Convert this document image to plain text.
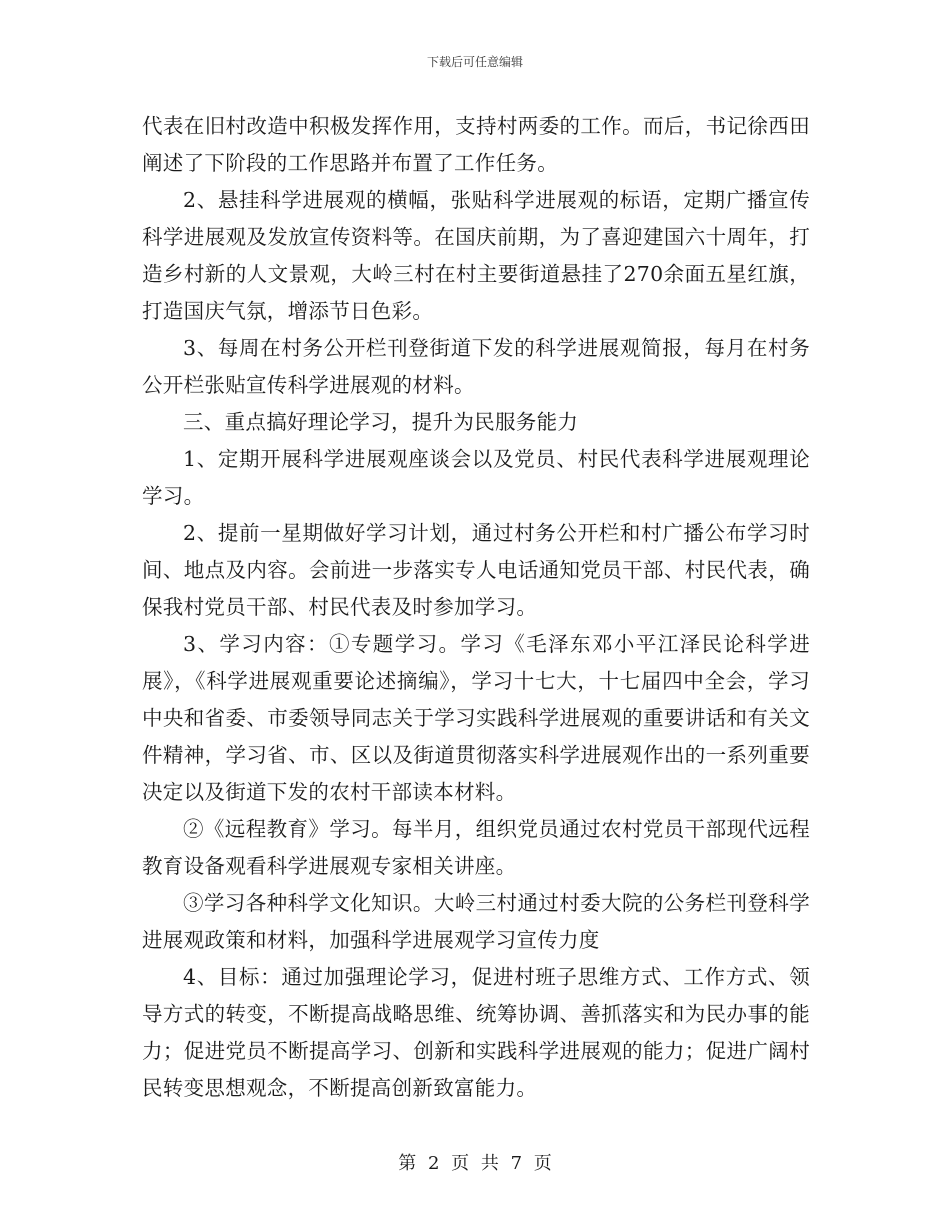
下载后可任意编辑

代表在旧村改造中积极发挥作用，支持村两委的工作。而后，书记徐西田阐述了下阶段的工作思路并布置了工作任务。

2、悬挂科学进展观的横幅，张贴科学进展观的标语，定期广播宣传科学进展观及发放宣传资料等。在国庆前期，为了喜迎建国六十周年，打造乡村新的人文景观，大岭三村在村主要街道悬挂了270余面五星红旗，打造国庆气氛，增添节日色彩。

3、每周在村务公开栏刊登街道下发的科学进展观简报，每月在村务公开栏张贴宣传科学进展观的材料。

三、重点搞好理论学习，提升为民服务能力

1、定期开展科学进展观座谈会以及党员、村民代表科学进展观理论学习。

2、提前一星期做好学习计划，通过村务公开栏和村广播公布学习时间、地点及内容。会前进一步落实专人电话通知党员干部、村民代表，确保我村党员干部、村民代表及时参加学习。

3、学习内容：①专题学习。学习《毛泽东邓小平江泽民论科学进展》，《科学进展观重要论述摘编》，学习十七大，十七届四中全会，学习中央和省委、市委领导同志关于学习实践科学进展观的重要讲话和有关文件精神，学习省、市、区以及街道贯彻落实科学进展观作出的一系列重要决定以及街道下发的农村干部读本材料。

②《远程教育》学习。每半月，组织党员通过农村党员干部现代远程教育设备观看科学进展观专家相关讲座。

③学习各种科学文化知识。大岭三村通过村委大院的公务栏刊登科学进展观政策和材料，加强科学进展观学习宣传力度

4、目标：通过加强理论学习，促进村班子思维方式、工作方式、领导方式的转变，不断提高战略思维、统筹协调、善抓落实和为民办事的能力；促进党员不断提高学习、创新和实践科学进展观的能力；促进广阔村民转变思想观念，不断提高创新致富能力。

第 2 页 共 7 页
